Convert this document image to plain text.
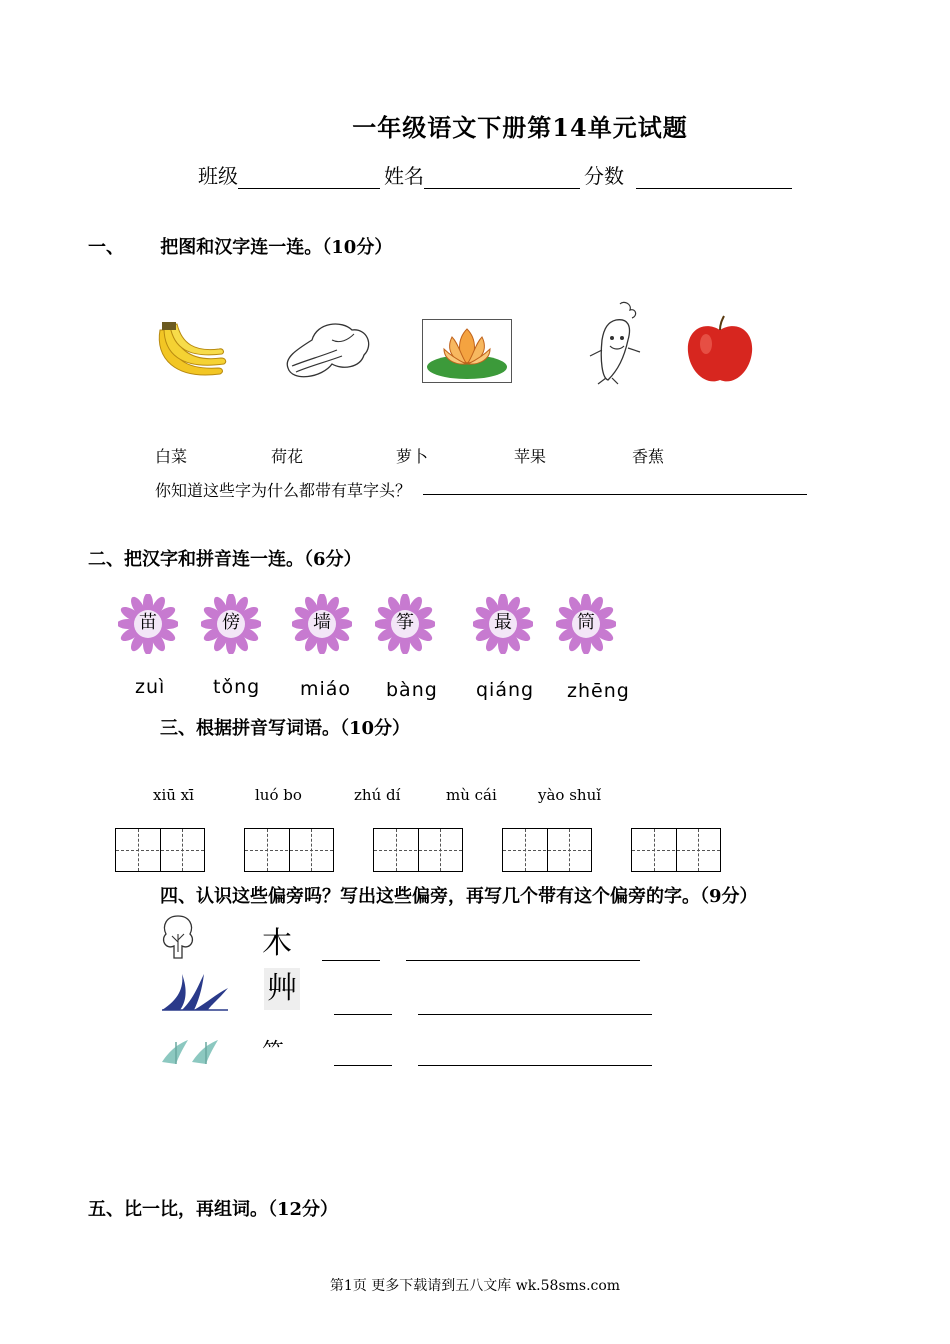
一年级语文下册第14单元试题
班级	姓名	分数
一、 把图和汉字连一连。（10分）
白菜	荷花	萝卜	苹果	香蕉
你知道这些字为什么都带有草字头？
二、把汉字和拼音连一连。（6分）
苗	傍	墙	筝	最	筒
zuì	tǒng miáo bàng qiáng zhēng
三、根据拼音写词语。（10分）
xiū xī	luó bo	zhú dí	mù cái	yào shuǐ
四、认识这些偏旁吗？写出这些偏旁，再写几个带有这个偏旁的字。（9分）
木
艸
⺮
五、比一比，再组词。（12分）
第1页 更多下载请到五八文库 wk.58sms.com
